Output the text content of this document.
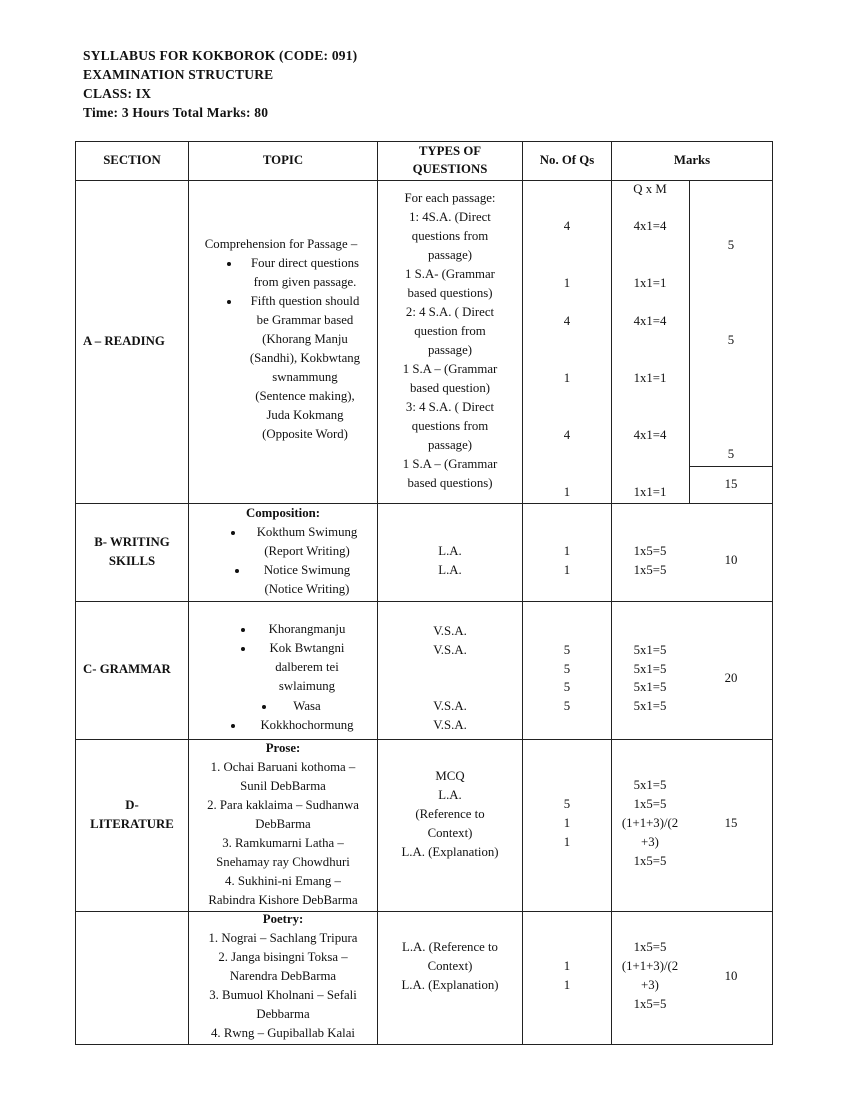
SYLLABUS FOR KOKBOROK (CODE: 091)
EXAMINATION STRUCTURE
CLASS: IX
Time: 3 Hours Total Marks: 80
SECTION	TOPIC
TYPES OF
QUESTIONS
No. Of Qs	Marks
A – READING
Comprehension for Passage –
Four direct questions
from given passage.
Fifth question should
be Grammar based
(Khorang Manju
(Sandhi), Kokbwtang
swnammung
(Sentence making),
Juda Kokmang
(Opposite Word)
For each passage:
1: 4S.A. (Direct
questions from
passage)
1 S.A- (Grammar
based questions)
2: 4 S.A. ( Direct
question from
passage)
1 S.A – (Grammar
based question)
3: 4 S.A. ( Direct
questions from
passage)
1 S.A – (Grammar
based questions)
4
1
4
1
4
1
Q x M
4x1=4
1x1=1
4x1=4
1x1=1
4x1=4
1x1=1
5
5
5
15
B- WRITING
SKILLS
Composition:
Kokthum Swimung
(Report Writing)
Notice Swimung
(Notice Writing)
L.A.
L.A.
1
1
1x5=5
1x5=5
10
C- GRAMMAR
Khorangmanju
Kok Bwtangni
dalberem tei
swlaimung
Wasa
Kokkhochormung
V.S.A.
V.S.A.
V.S.A.
V.S.A.
5
5
5
5
5x1=5
5x1=5
5x1=5
5x1=5
20
D-
LITERATURE
Prose:
1. Ochai Baruani kothoma –
Sunil DebBarma
2. Para kaklaima – Sudhanwa
DebBarma
3. Ramkumarni Latha –
Snehamay ray Chowdhuri
4. Sukhini-ni Emang –
Rabindra Kishore DebBarma
MCQ
L.A.
(Reference to
Context)
L.A. (Explanation)
5
1
1
5x1=5
1x5=5
(1+1+3)/(2
+3)
1x5=5
15
Poetry:
1. Nograi – Sachlang Tripura
2. Janga bisingni Toksa –
Narendra DebBarma
3. Bumuol Kholnani – Sefali
Debbarma
4. Rwng – Gupiballab Kalai
L.A. (Reference to
Context)
L.A. (Explanation)
1
1
1x5=5
(1+1+3)/(2
+3)
1x5=5
10
